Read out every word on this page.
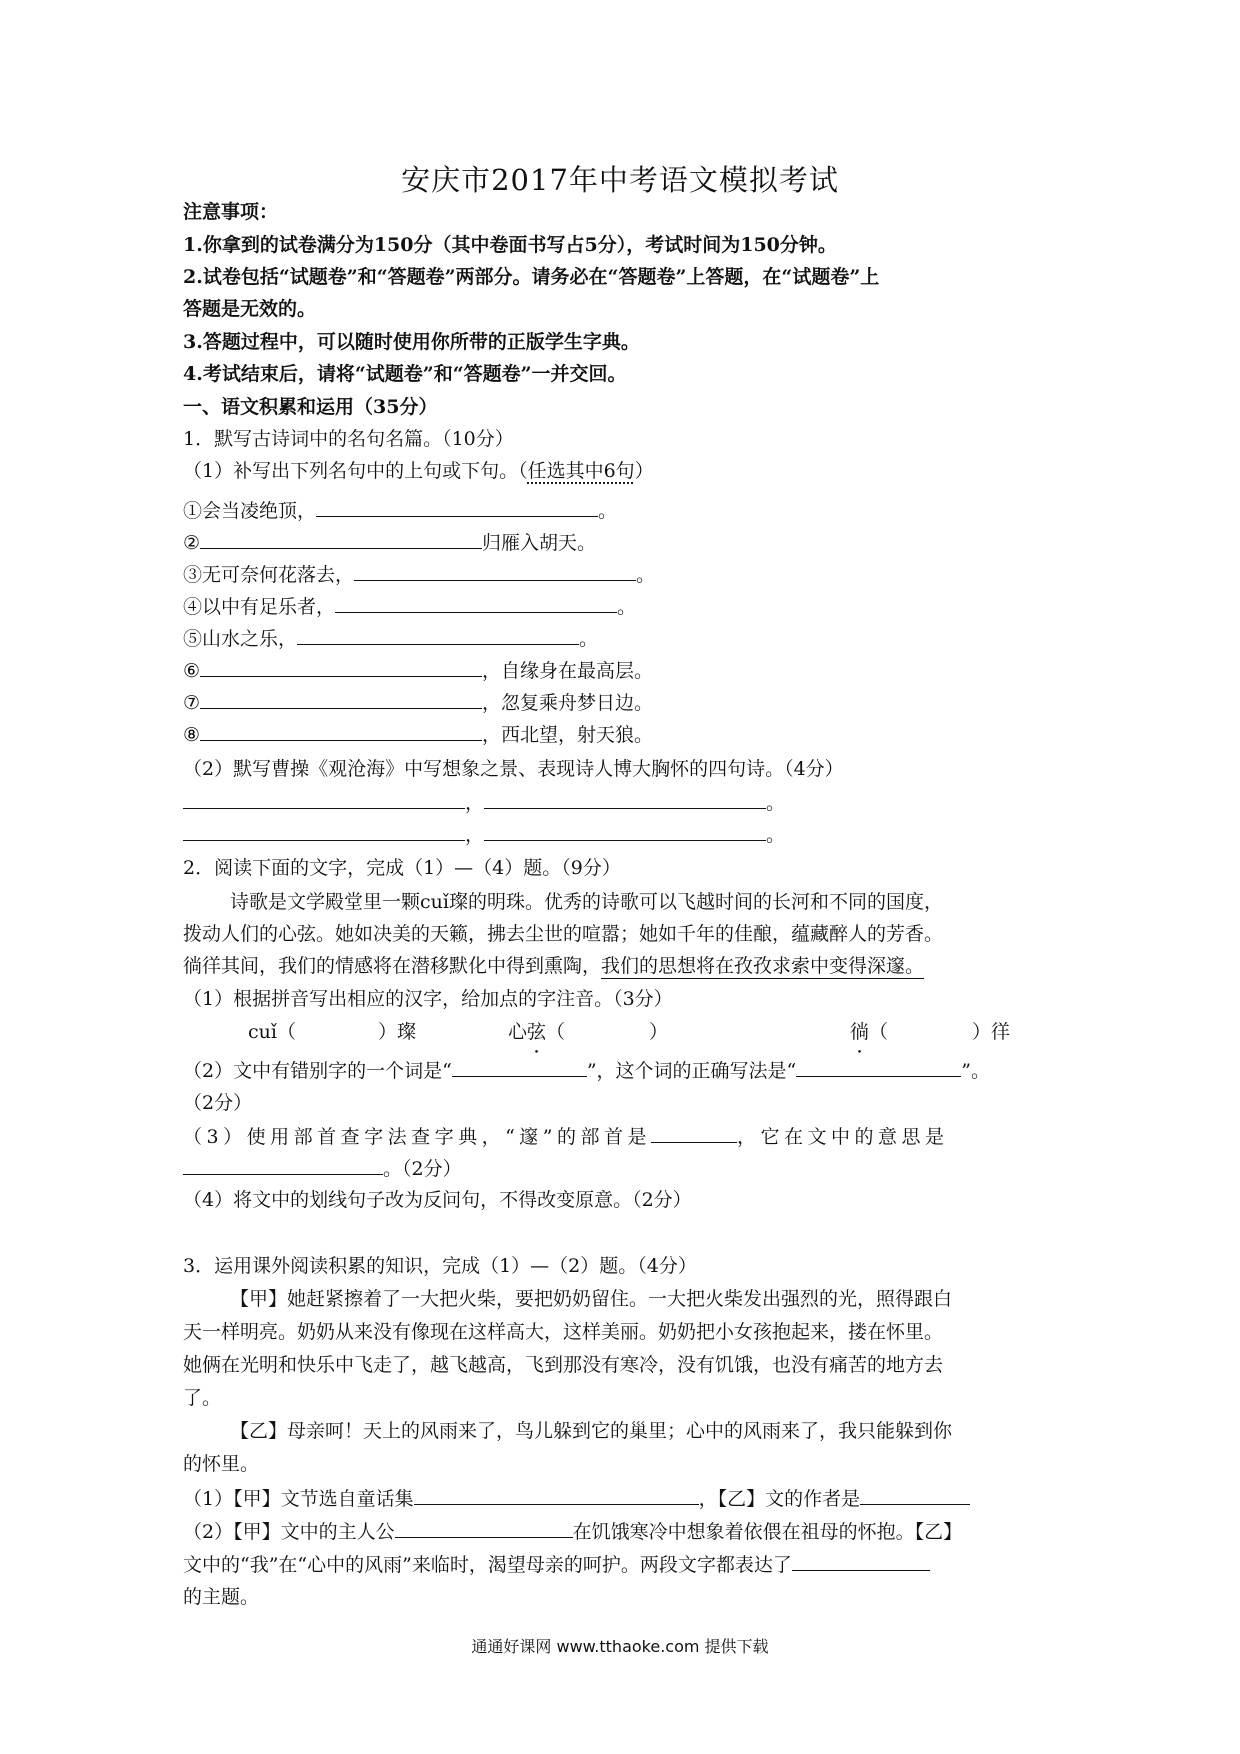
安庆市2017年中考语文模拟考试
注意事项：
1.你拿到的试卷满分为150分（其中卷面书写占5分），考试时间为150分钟。
2.试卷包括“试题卷”和“答题卷”两部分。请务必在“答题卷”上答题，在“试题卷”上
答题是无效的。
3.答题过程中，可以随时使用你所带的正版学生字典。
4.考试结束后，请将“试题卷”和“答题卷”一并交回。
一、语文积累和运用（35分）
1．默写古诗词中的名句名篇。（10分）
（1）补写出下列名句中的上句或下句。（任选其中6句）
①会当凌绝顶，	。
②	归雁入胡天。
③无可奈何花落去，	。
④以中有足乐者，	。
⑤山水之乐，	。
⑥	，自缘身在最高层。
⑦	，忽复乘舟梦日边。
⑧	，西北望，射天狼。
（2）默写曹操《观沧海》中写想象之景、表现诗人博大胸怀的四句诗。（4分）
，	。
，	。
2．阅读下面的文字，完成（1）—（4）题。（9分）
诗歌是文学殿堂里一颗cuǐ璨的明珠。优秀的诗歌可以飞越时间的长河和不同的国度，
拨动人们的心弦。她如决美的天籁，拂去尘世的喧嚣；她如千年的佳酿，蕴藏醉人的芳香。
徜徉其间，我们的情感将在潜移默化中得到熏陶，我们的思想将在孜孜求索中变得深邃。
（1）根据拼音写出相应的汉字，给加点的字注音。（3分）
cuǐ（	）璨	心弦（	）	徜（	）徉
（2）文中有错别字的一个词是“	”，这个词的正确写法是“	”。
（2分）
（3）使用部首查字法查字典，“邃”的部首是	，它在文中的意思是
。（2分）
（4）将文中的划线句子改为反问句，不得改变原意。（2分）
3．运用课外阅读积累的知识，完成（1）—（2）题。（4分）
【甲】她赶紧擦着了一大把火柴，要把奶奶留住。一大把火柴发出强烈的光，照得跟白
天一样明亮。奶奶从来没有像现在这样高大，这样美丽。奶奶把小女孩抱起来，搂在怀里。
她俩在光明和快乐中飞走了，越飞越高，飞到那没有寒冷，没有饥饿，也没有痛苦的地方去
了。
【乙】母亲呵！天上的风雨来了，鸟儿躲到它的巢里；心中的风雨来了，我只能躲到你
的怀里。
（1）【甲】文节选自童话集	，【乙】文的作者是
（2）【甲】文中的主人公	在饥饿寒冷中想象着依偎在祖母的怀抱。【乙】
文中的“我”在“心中的风雨”来临时，渴望母亲的呵护。两段文字都表达了
的主题。
通通好课网 www.tthaoke.com 提供下载
